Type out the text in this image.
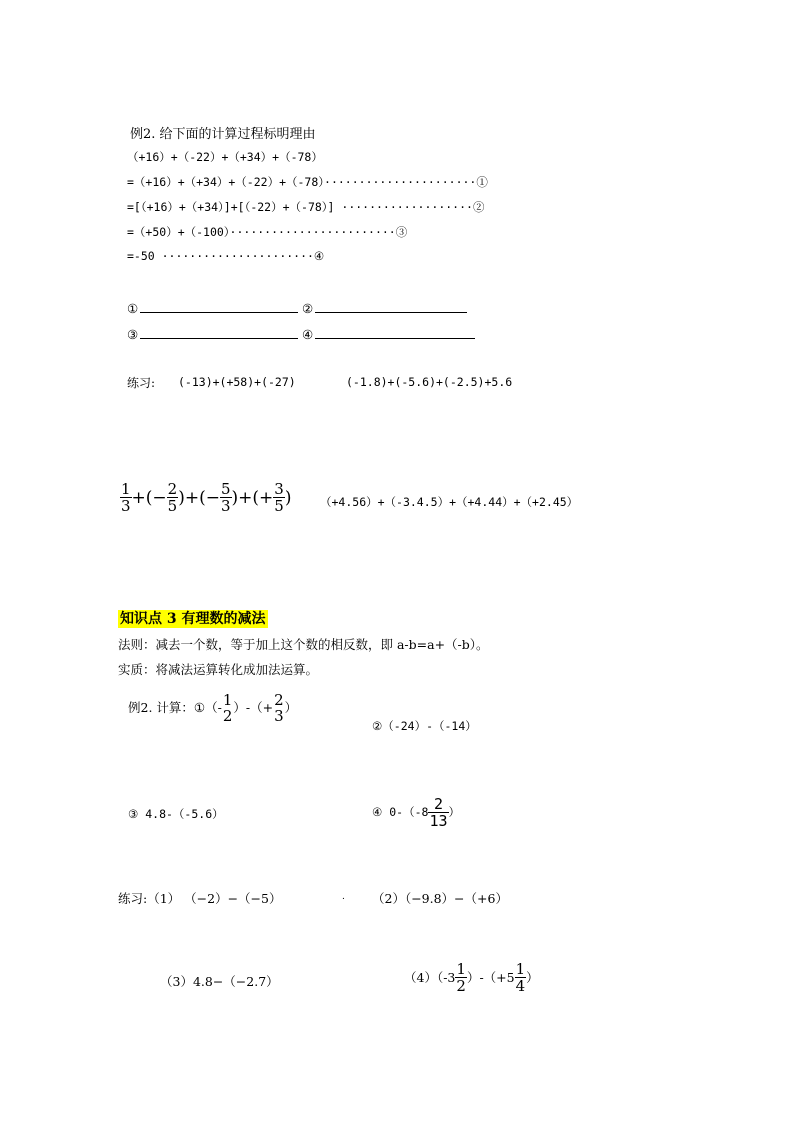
例2. 给下面的计算过程标明理由
（+16）+（-22）+（+34）+（-78）
=（+16）+（+34）+（-22）+（-78）······················①
=[（+16）+（+34）]+[（-22）+（-78）] ···················②
=（+50）+（-100）························③
=-50 ······················④
①	②
③	④
练习: (-13)+(+58)+(-27)	(-1.8)+(-5.6)+(-2.5)+5.6
$\frac{1}{3}$ +(− $\frac{2}{5}$ )+(− $\frac{5}{3}$ )+(+ $\frac{3}{5}$ ) （+4.56）+（-3.4.5）+（+4.44）+（+2.45）
知识点 3 有理数的减法
法则：减去一个数，等于加上这个数的相反数，即 a-b=a+（-b）。
实质：将减法运算转化成加法运算。
例2. 计算： ①（- 1
2 ）-（+ 2
3 ）
②（-24）-（-14）
③ 4.8-（-5.6）	④ $0-(-8 \frac{2}{13}$ ）
练习:（1） （−2）−（−5）	. （2）（−9.8）−（+6）
（3）4.8−（−2.7）	$(4)(-3 \frac{1}{2} )-(+5 \frac{1}{4}$ ）
